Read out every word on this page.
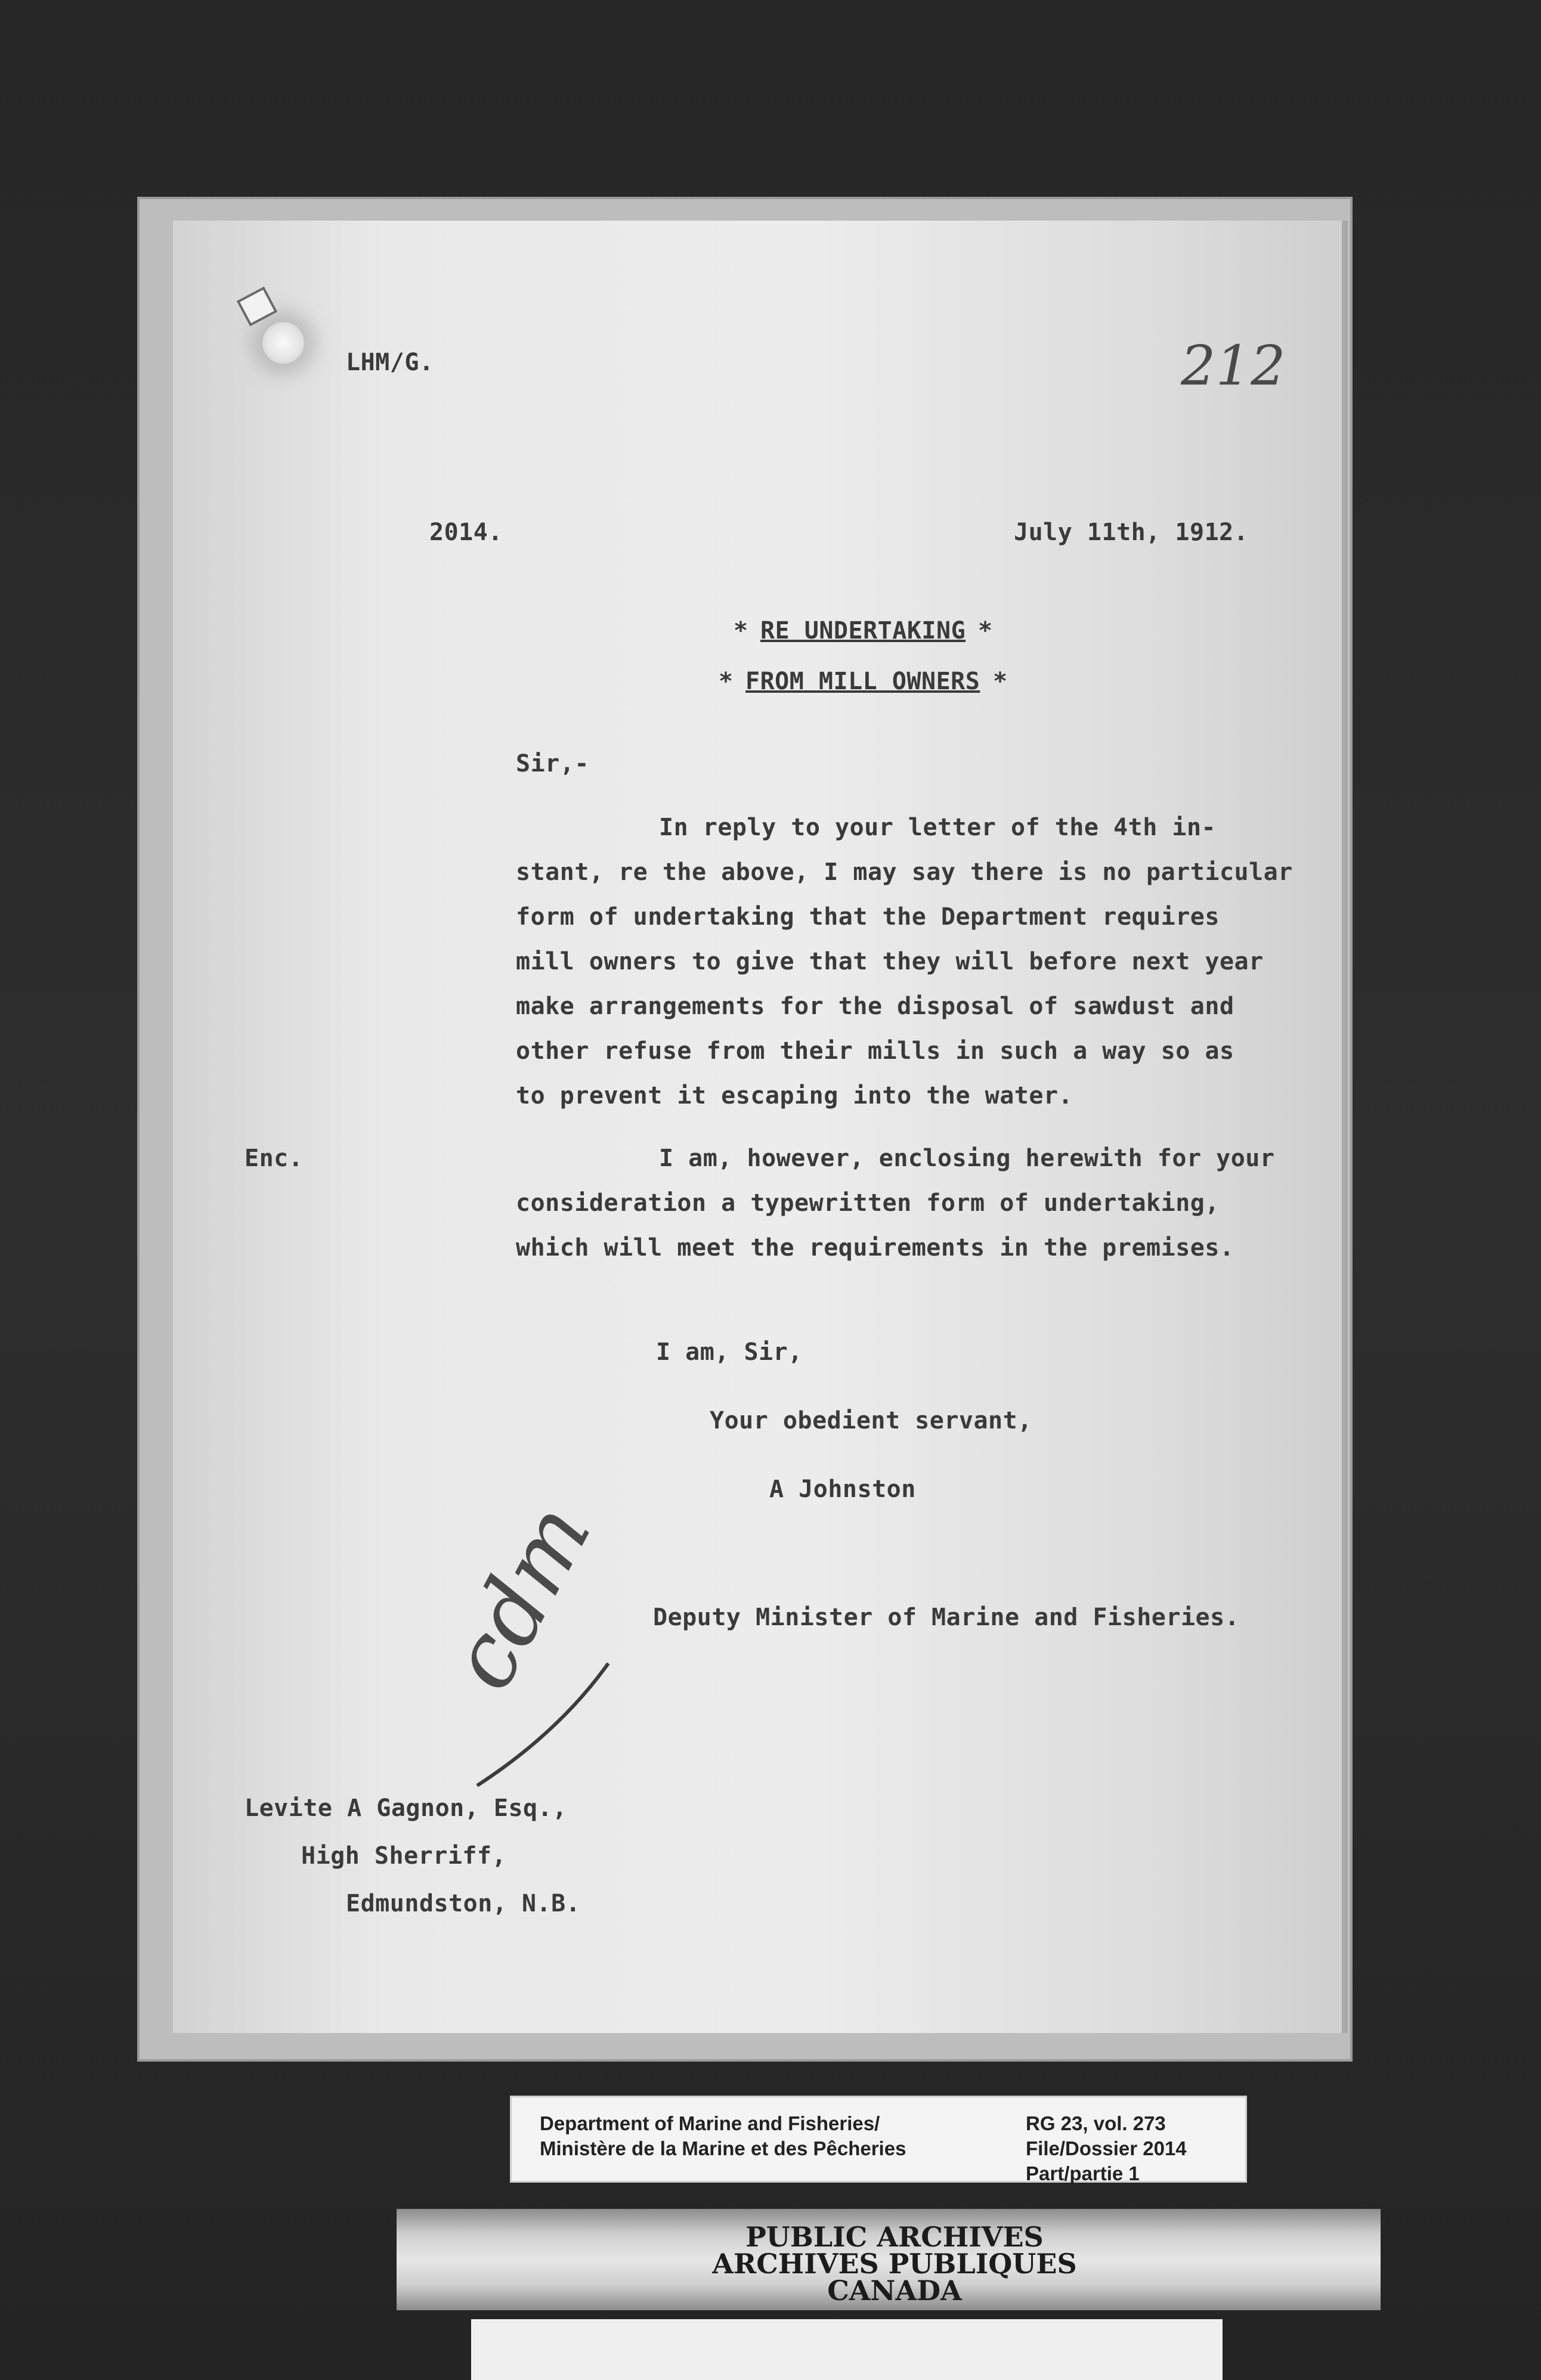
LHM/G.	212
2014.	July 11th, 1912.
* RE UNDERTAKING *
* FROM MILL OWNERS *
Sir,-
In reply to your letter of the 4th in-
stant, re the above, I may say there is no particular
form of undertaking that the Department requires
mill owners to give that they will before next year
make arrangements for the disposal of sawdust and
other refuse from their mills in such a way so as
to prevent it escaping into the water.
Enc.	I am, however, enclosing herewith for your
consideration a typewritten form of undertaking,
which will meet the requirements in the premises.
I am, Sir,
Your obedient servant,
A Johnston
Deputy Minister of Marine and Fisheries.
cdm
Levite A Gagnon, Esq.,
High Sherriff,
Edmundston, N.B.
Department of Marine and Fisheries/
Ministère de la Marine et des Pêcheries
RG 23, vol. 273
File/Dossier 2014
Part/partie 1
PUBLIC ARCHIVES
ARCHIVES PUBLIQUES
CANADA
